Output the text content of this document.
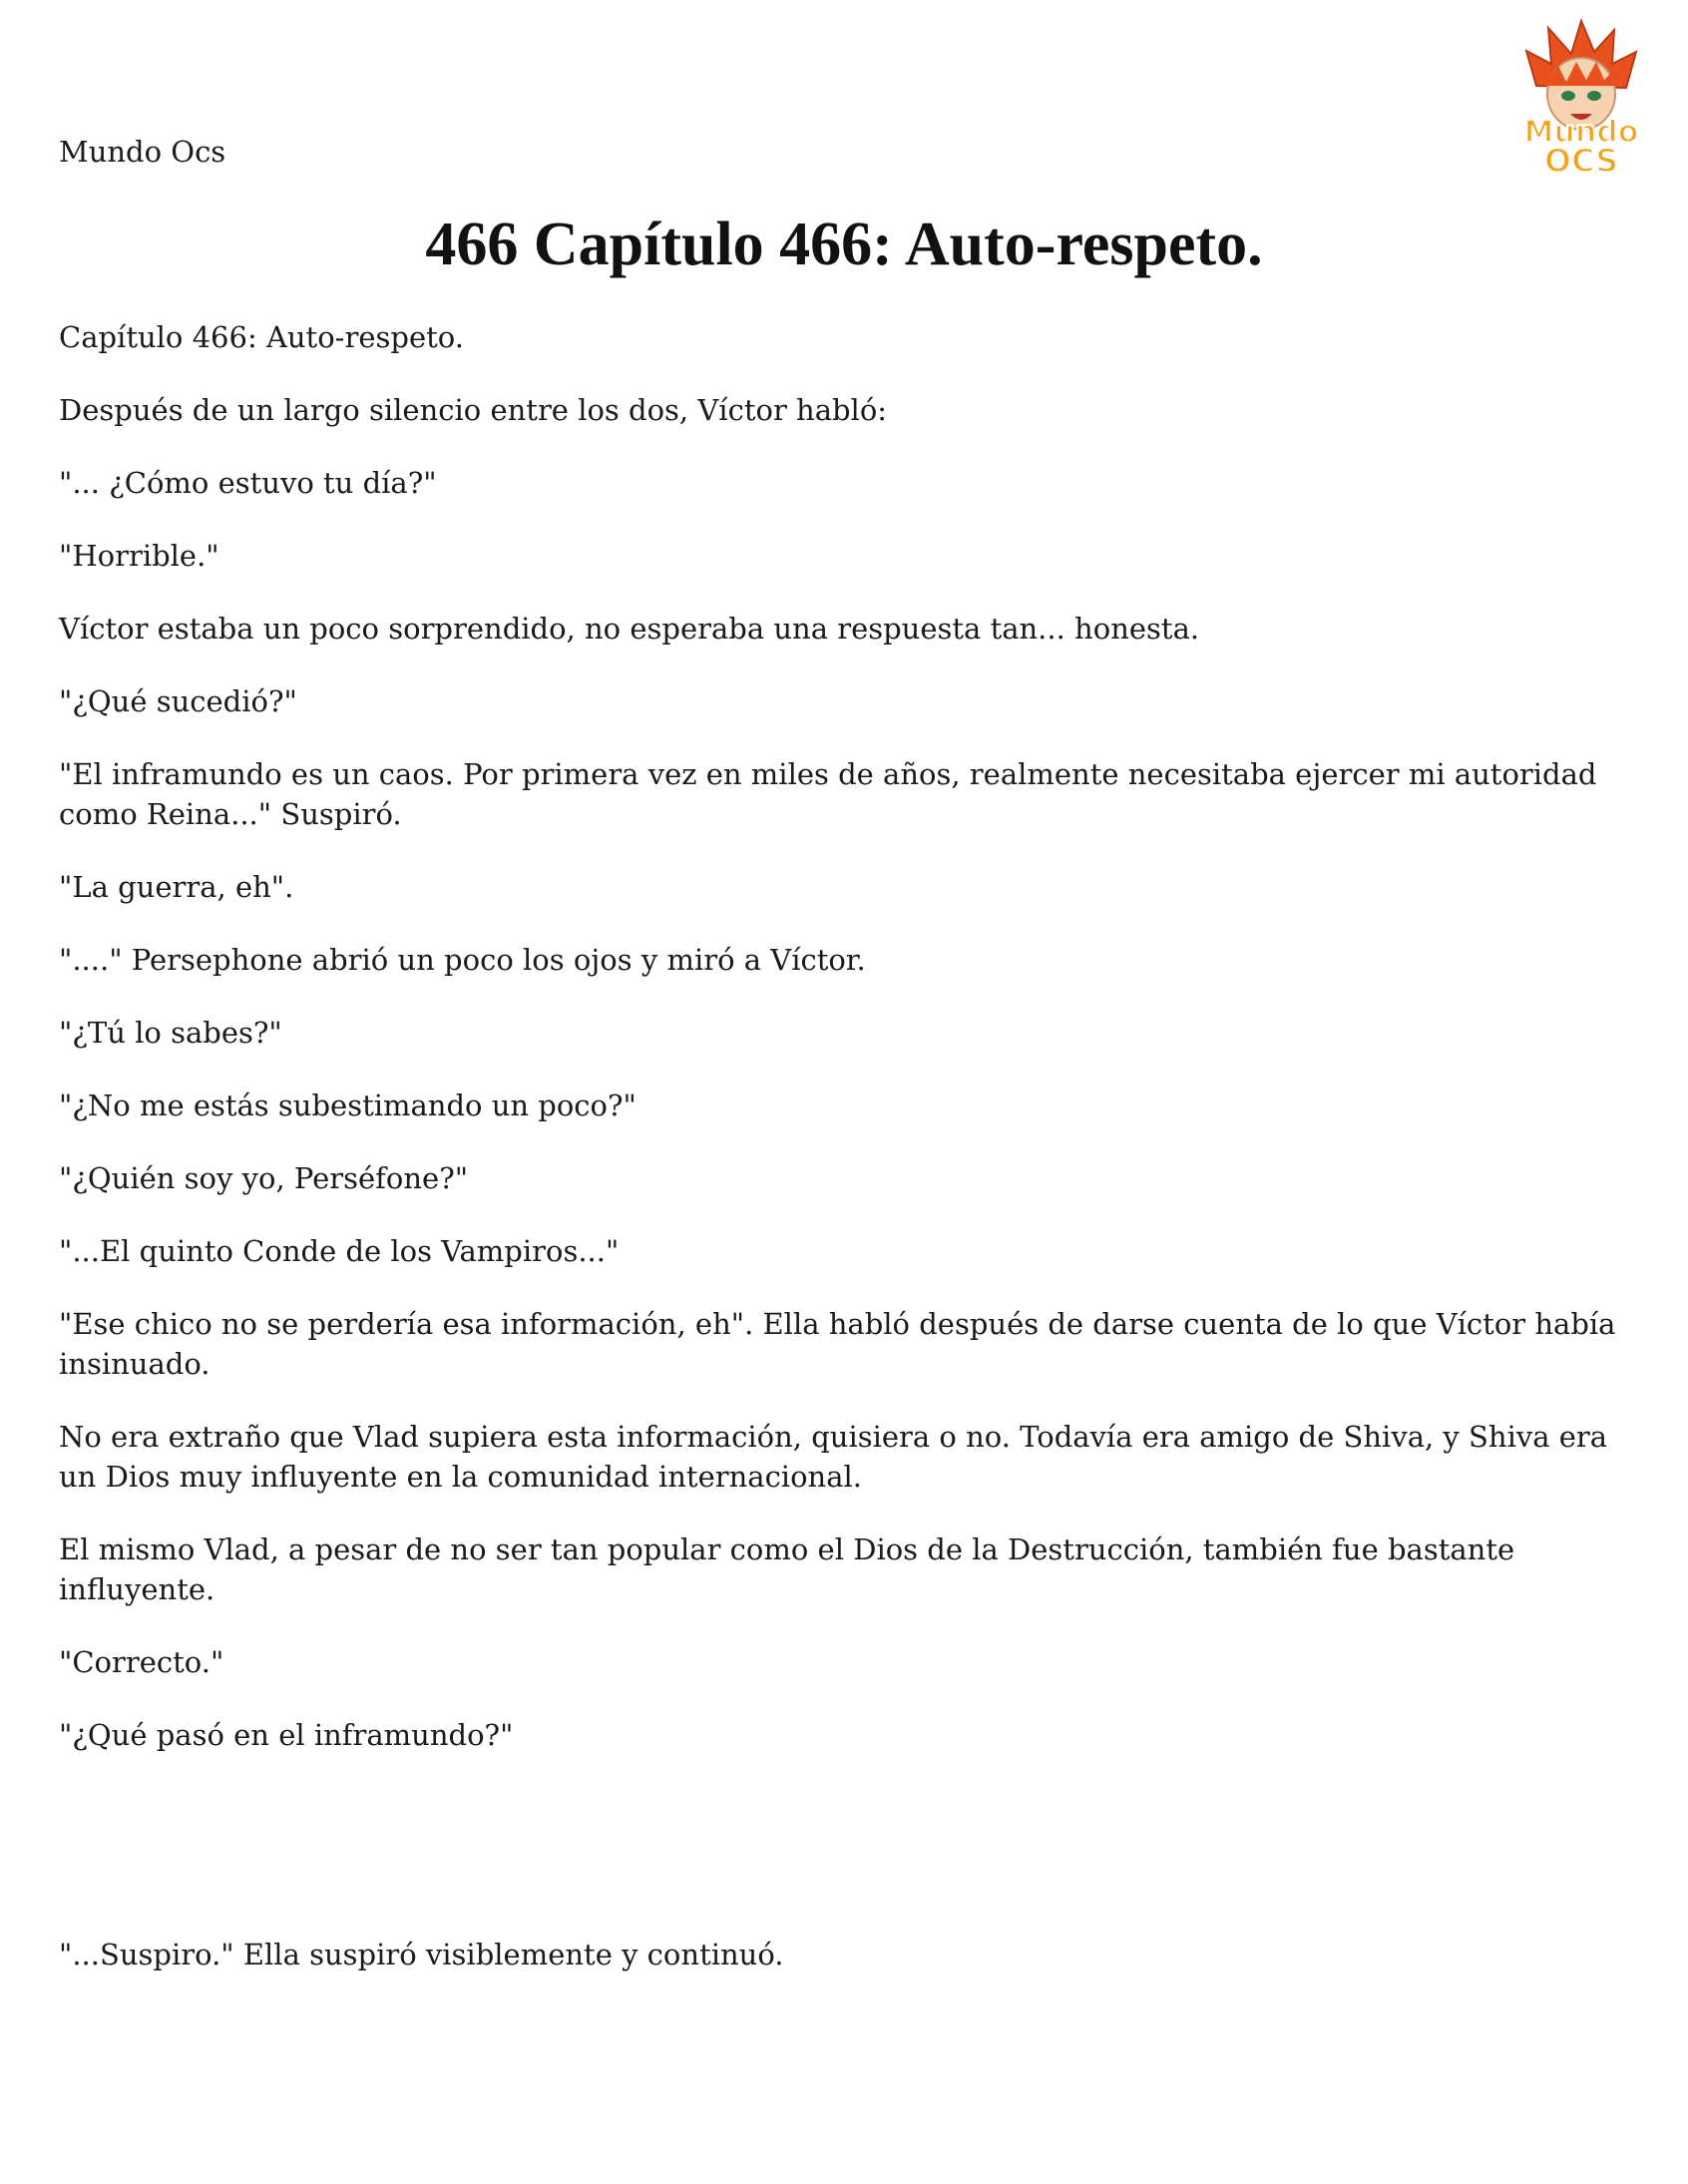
Mundo Ocs
Mundo
OCS
466 Capítulo 466: Auto-respeto.

Capítulo 466: Auto-respeto.

Después de un largo silencio entre los dos, Víctor habló:

"... ¿Cómo estuvo tu día?"

"Horrible."

Víctor estaba un poco sorprendido, no esperaba una respuesta tan... honesta.

"¿Qué sucedió?"

"El inframundo es un caos. Por primera vez en miles de años, realmente necesitaba ejercer mi autoridad como Reina..." Suspiró.

"La guerra, eh".

"...." Persephone abrió un poco los ojos y miró a Víctor.

"¿Tú lo sabes?"

"¿No me estás subestimando un poco?"

"¿Quién soy yo, Perséfone?"

"...El quinto Conde de los Vampiros..."

"Ese chico no se perdería esa información, eh". Ella habló después de darse cuenta de lo que Víctor había insinuado.

No era extraño que Vlad supiera esta información, quisiera o no. Todavía era amigo de Shiva, y Shiva era un Dios muy influyente en la comunidad internacional.

El mismo Vlad, a pesar de no ser tan popular como el Dios de la Destrucción, también fue bastante influyente.

"Correcto."

"¿Qué pasó en el inframundo?"

"...Suspiro." Ella suspiró visiblemente y continuó.
